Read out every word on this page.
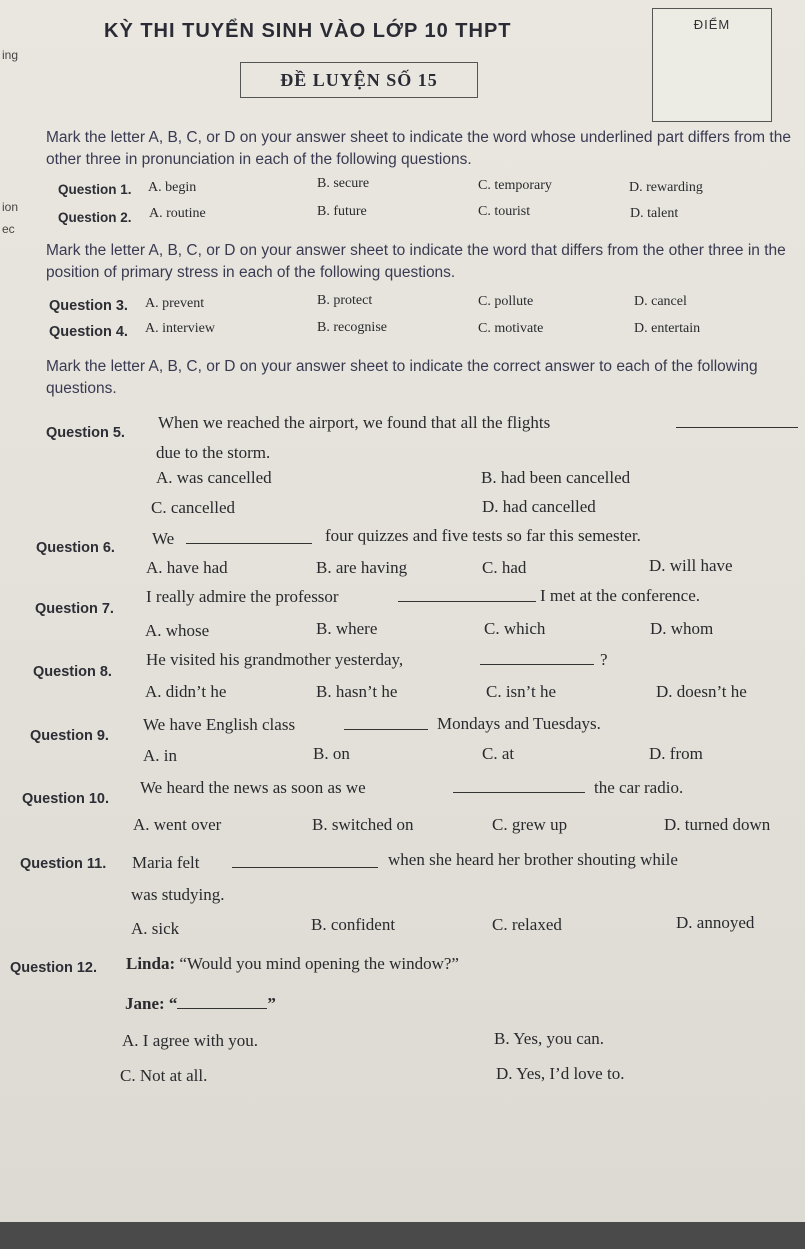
ing
ion
ec
KỲ THI TUYỂN SINH VÀO LỚP 10 THPT	ĐIỂM
ĐỀ LUYỆN SỐ 15
Mark the letter A, B, C, or D on your answer sheet to indicate the word whose underlined part differs from the other three in pronunciation in each of the following questions.
Question 1. A. begin	B. secure	C. temporary	D. rewarding
Question 2. A. routine	B. future	C. tourist	D. talent
Mark the letter A, B, C, or D on your answer sheet to indicate the word that differs from the other three in the position of primary stress in each of the following questions.
Question 3. A. prevent	B. protect	C. pollute	D. cancel
Question 4. A. interview	B. recognise	C. motivate	D. entertain
Mark the letter A, B, C, or D on your answer sheet to indicate the correct answer to each of the following questions.
Question 5.
When we reached the airport, we found that all the flights
due to the storm.
A. was cancelled	B. had been cancelled
C. cancelled	D. had cancelled
Question 6. We	four quizzes and five tests so far this semester.
A. have had	B. are having	C. had	D. will have
Question 7.
I really admire the professor	I met at the conference.
A. whose	B. where	C. which	D. whom
Question 8.
He visited his grandmother yesterday,	?
A. didn’t he	B. hasn’t he	C. isn’t he	D. doesn’t he
Question 9.
We have English class	Mondays and Tuesdays.
A. in	B. on	C. at	D. from
Question 10.
We heard the news as soon as we	the car radio.
A. went over	B. switched on	C. grew up	D. turned down
Question 11. Maria felt	when she heard her brother shouting while
was studying.
A. sick	B. confident	C. relaxed	D. annoyed
Question 12. Linda: “Would you mind opening the window?”
Jane: “	”
A. I agree with you.	B. Yes, you can.
C. Not at all.	D. Yes, I’d love to.
